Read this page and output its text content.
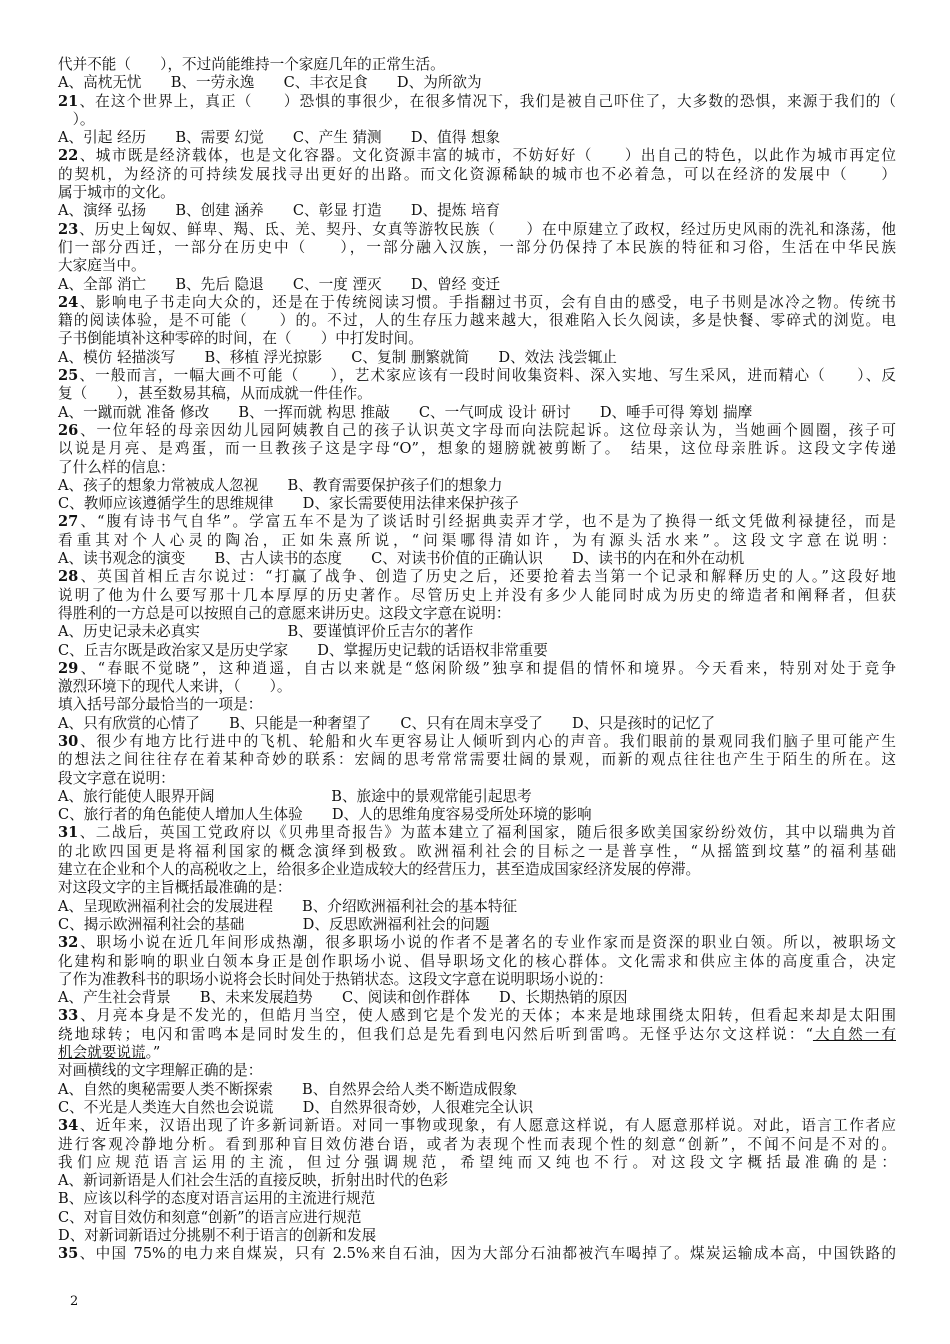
代并不能（　　），不过尚能维持一个家庭几年的正常生活。
A、高枕无忧　　B、一劳永逸　　C、丰衣足食　　D、为所欲为
21、在这个世界上，真正（　　）恐惧的事很少，在很多情况下，我们是被自己吓住了，大多数的恐惧，来源于我们的（
　）。
A、引起 经历　　B、需要 幻觉　　C、产生 猜测　　D、值得 想象
22、城市既是经济载体，也是文化容器。文化资源丰富的城市，不妨好好（　　）出自己的特色，以此作为城市再定位
的契机，为经济的可持续发展找寻出更好的出路。而文化资源稀缺的城市也不必着急，可以在经济的发展中（　　）
属于城市的文化。
A、演绎 弘扬　　B、创建 涵养　　C、彰显 打造　　D、提炼 培育
23、历史上匈奴、鲜卑、羯、氐、羌、契丹、女真等游牧民族（　　）在中原建立了政权，经过历史风雨的洗礼和涤荡，他
们一部分西迁，一部分在历史中（　　），一部分融入汉族，一部分仍保持了本民族的特征和习俗，生活在中华民族
大家庭当中。
A、全部 消亡　　B、先后 隐退　　C、一度 湮灭　　D、曾经 变迁
24、影响电子书走向大众的，还是在于传统阅读习惯。手指翻过书页，会有自由的感受，电子书则是冰冷之物。传统书
籍的阅读体验，是不可能（　　）的。不过，人的生存压力越来越大，很难陷入长久阅读，多是快餐、零碎式的浏览。电
子书倒能填补这种零碎的时间，在（　　）中打发时间。
A、模仿 轻描淡写　　B、移植 浮光掠影　　C、复制 删繁就简　　D、效法 浅尝辄止
25、一般而言，一幅大画不可能（　　），艺术家应该有一段时间收集资料、深入实地、写生采风，进而精心（　　）、反
复（　　），甚至数易其稿，从而成就一件佳作。
A、一蹴而就 准备 修改　　B、一挥而就 构思 推敲　　C、一气呵成 设计 研讨　　D、唾手可得 筹划 揣摩
26、一位年轻的母亲因幼儿园阿姨教自己的孩子认识英文字母而向法院起诉。这位母亲认为，当她画个圆圈，孩子可
以说是月亮、是鸡蛋，而一旦教孩子这是字母“O”，想象的翅膀就被剪断了。　结果，这位母亲胜诉。这段文字传递
了什么样的信息：
A、孩子的想象力常被成人忽视　　B、教育需要保护孩子们的想象力
C、教师应该遵循学生的思维规律　　D、家长需要使用法律来保护孩子
27、“腹有诗书气自华”。学富五车不是为了谈话时引经据典卖弄才学，也不是为了换得一纸文凭做利禄捷径，而是
看重其对个人心灵的陶冶，正如朱熹所说，“问渠哪得清如许，为有源头活水来”。这段文字意在说明：
A、读书观念的演变　　B、古人读书的态度　　C、对读书价值的正确认识　　D、读书的内在和外在动机
28、英国首相丘吉尔说过：“打赢了战争、创造了历史之后，还要抢着去当第一个记录和解释历史的人。”这段好地
说明了他为什么要写那十几本厚厚的历史著作。尽管历史上并没有多少人能同时成为历史的缔造者和阐释者，但获
得胜利的一方总是可以按照自己的意愿来讲历史。这段文字意在说明：
A、历史记录未必真实　　　　　　B、要谨慎评价丘吉尔的著作
C、丘吉尔既是政治家又是历史学家　　D、掌握历史记载的话语权非常重要
29、“春眠不觉晓”，这种逍遥，自古以来就是“悠闲阶级”独享和提倡的情怀和境界。今天看来，特别对处于竞争
激烈环境下的现代人来讲，（　　）。
填入括号部分最恰当的一项是：
A、只有欣赏的心情了　　B、只能是一种奢望了　　C、只有在周末享受了　　D、只是孩时的记忆了
30、很少有地方比行进中的飞机、轮船和火车更容易让人倾听到内心的声音。我们眼前的景观同我们脑子里可能产生
的想法之间往往存在着某种奇妙的联系：宏阔的思考常常需要壮阔的景观，而新的观点往往也产生于陌生的所在。这
段文字意在说明：
A、旅行能使人眼界开阔　　　　　　　　B、旅途中的景观常能引起思考
C、旅行者的角色能使人增加人生体验　　D、人的思维角度容易受所处环境的影响
31、二战后，英国工党政府以《贝弗里奇报告》为蓝本建立了福利国家，随后很多欧美国家纷纷效仿，其中以瑞典为首
的北欧四国更是将福利国家的概念演绎到极致。欧洲福利社会的目标之一是普享性，“从摇篮到坟墓”的福利基础
建立在企业和个人的高税收之上，给很多企业造成较大的经营压力，甚至造成国家经济发展的停滞。
对这段文字的主旨概括最准确的是：
A、呈现欧洲福利社会的发展进程　　B、介绍欧洲福利社会的基本特征
C、揭示欧洲福利社会的基础　　　　D、反思欧洲福利社会的问题
32、职场小说在近几年间形成热潮，很多职场小说的作者不是著名的专业作家而是资深的职业白领。所以，被职场文
化建构和影响的职业白领本身正是创作职场小说、倡导职场文化的核心群体。文化需求和供应主体的高度重合，决定
了作为准教科书的职场小说将会长时间处于热销状态。这段文字意在说明职场小说的：
A、产生社会背景　　B、未来发展趋势　　C、阅读和创作群体　　D、长期热销的原因
33、月亮本身是不发光的，但皓月当空，使人感到它是个发光的天体；本来是地球围绕太阳转，但看起来却是太阳围
绕地球转；电闪和雷鸣本是同时发生的，但我们总是先看到电闪然后听到雷鸣。无怪乎达尔文这样说：“大自然一有
机会就要说谎。”
对画横线的文字理解正确的是：
A、自然的奥秘需要人类不断探索　　B、自然界会给人类不断造成假象
C、不光是人类连大自然也会说谎　　D、自然界很奇妙，人很难完全认识
34、近年来，汉语出现了许多新词新语。对同一事物或现象，有人愿意这样说，有人愿意那样说。对此，语言工作者应
进行客观冷静地分析。看到那种盲目效仿港台语，或者为表现个性而表现个性的刻意“创新”，不闻不问是不对的。
我们应规范语言运用的主流，但过分强调规范，希望纯而又纯也不行。对这段文字概括最准确的是：
A、新词新语是人们社会生活的直接反映，折射出时代的色彩
B、应该以科学的态度对语言运用的主流进行规范
C、对盲目效仿和刻意“创新”的语言应进行规范
D、对新词新语过分挑剔不利于语言的创新和发展
35、中国 75%的电力来自煤炭，只有 2.5%来自石油，因为大部分石油都被汽车喝掉了。煤炭运输成本高，中国铁路的
2
